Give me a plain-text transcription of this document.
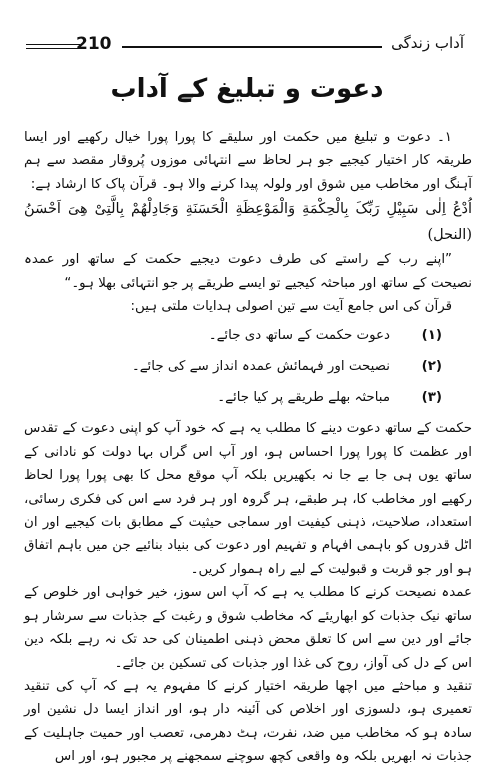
210	آداب زندگی
دعوت و تبلیغ کے آداب

۱۔ دعوت و تبلیغ میں حکمت اور سلیقے کا پورا پورا خیال رکھیے اور ایسا طریقہ کار اختیار کیجیے جو ہر لحاظ سے انتہائی موزوں پُروقار مقصد سے ہم آہنگ اور مخاطب میں شوق اور ولولہ پیدا کرنے والا ہو۔ قرآن پاک کا ارشاد ہے:

اُدْعُ اِلٰی سَبِیْلِ رَبِّکَ بِالْحِکْمَةِ وَالْمَوْعِظَةِ الْحَسَنَةِ وَجَادِلْهُمْ بِالَّتِیْ هِیَ اَحْسَنُ (النحل)

”اپنے رب کے راستے کی طرف دعوت دیجیے حکمت کے ساتھ اور عمدہ نصیحت کے ساتھ اور مباحثہ کیجیے تو ایسے طریقے پر جو انتہائی بھلا ہو۔“

قرآن کی اس جامع آیت سے تین اصولی ہدایات ملتی ہیں:

(۱)
دعوت حکمت کے ساتھ دی جائے۔
(۲)
نصیحت اور فہمائش عمدہ انداز سے کی جائے۔
(۳)
مباحثہ بھلے طریقے پر کیا جائے۔

حکمت کے ساتھ دعوت دینے کا مطلب یہ ہے کہ خود آپ کو اپنی دعوت کے تقدس اور عظمت کا پورا پورا احساس ہو، اور آپ اس گراں بہا دولت کو نادانی کے ساتھ یوں ہی جا بے جا نہ بکھیریں بلکہ آپ موقع محل کا بھی پورا پورا لحاظ رکھیے اور مخاطب کا، ہر طبقے، ہر گروہ اور ہر فرد سے اس کی فکری رسائی، استعداد، صلاحیت، ذہنی کیفیت اور سماجی حیثیت کے مطابق بات کیجیے اور ان اٹل قدروں کو باہمی افہام و تفہیم اور دعوت کی بنیاد بنائیے جن میں باہم اتفاق ہو اور جو قربت و قبولیت کے لیے راہ ہموار کریں۔

عمدہ نصیحت کرنے کا مطلب یہ ہے کہ آپ اس سوز، خیر خواہی اور خلوص کے ساتھ نیک جذبات کو ابھاریئے کہ مخاطب شوق و رغبت کے جذبات سے سرشار ہو جائے اور دین سے اس کا تعلق محض ذہنی اطمینان کی حد تک نہ رہے بلکہ دین اس کے دل کی آواز، روح کی غذا اور جذبات کی تسکین بن جائے۔

تنقید و مباحثے میں اچھا طریقہ اختیار کرنے کا مفہوم یہ ہے کہ آپ کی تنقید تعمیری ہو، دلسوزی اور اخلاص کی آئینہ دار ہو، اور انداز ایسا دل نشین اور سادہ ہو کہ مخاطب میں ضد، نفرت، ہٹ دھرمی، تعصب اور حمیت جاہلیت کے جذبات نہ ابھریں بلکہ وہ واقعی کچھ سوچنے سمجھنے پر مجبور ہو، اور اس
